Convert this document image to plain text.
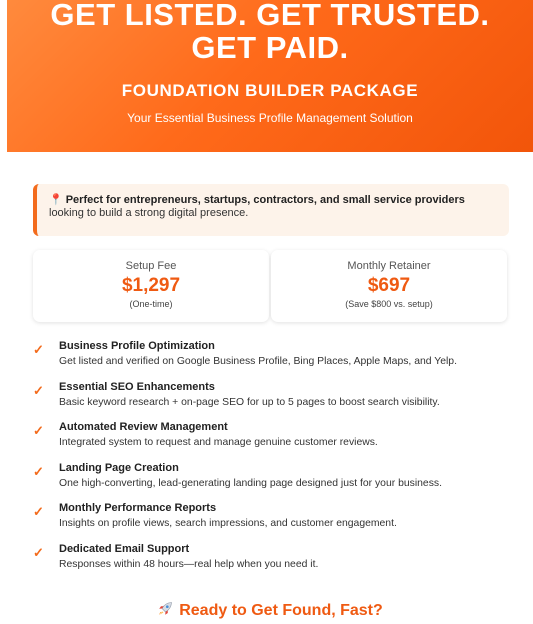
GET LISTED. GET TRUSTED.
GET PAID.
FOUNDATION BUILDER PACKAGE

Your Essential Business Profile Management Solution

📍 Perfect for entrepreneurs, startups, contractors, and small service providers looking to build a strong digital presence.
Setup Fee
$1,297
(One-time)
Monthly Retainer
$697
(Save $800 vs. setup)
✓ Business Profile Optimization
Get listed and verified on Google Business Profile, Bing Places, Apple Maps, and Yelp.
✓ Essential SEO Enhancements
Basic keyword research + on-page SEO for up to 5 pages to boost search visibility.
✓ Automated Review Management
Integrated system to request and manage genuine customer reviews.
✓ Landing Page Creation
One high-converting, lead-generating landing page designed just for your business.
✓ Monthly Performance Reports
Insights on profile views, search impressions, and customer engagement.
✓ Dedicated Email Support
Responses within 48 hours—real help when you need it.
Ready to Get Found, Fast?
